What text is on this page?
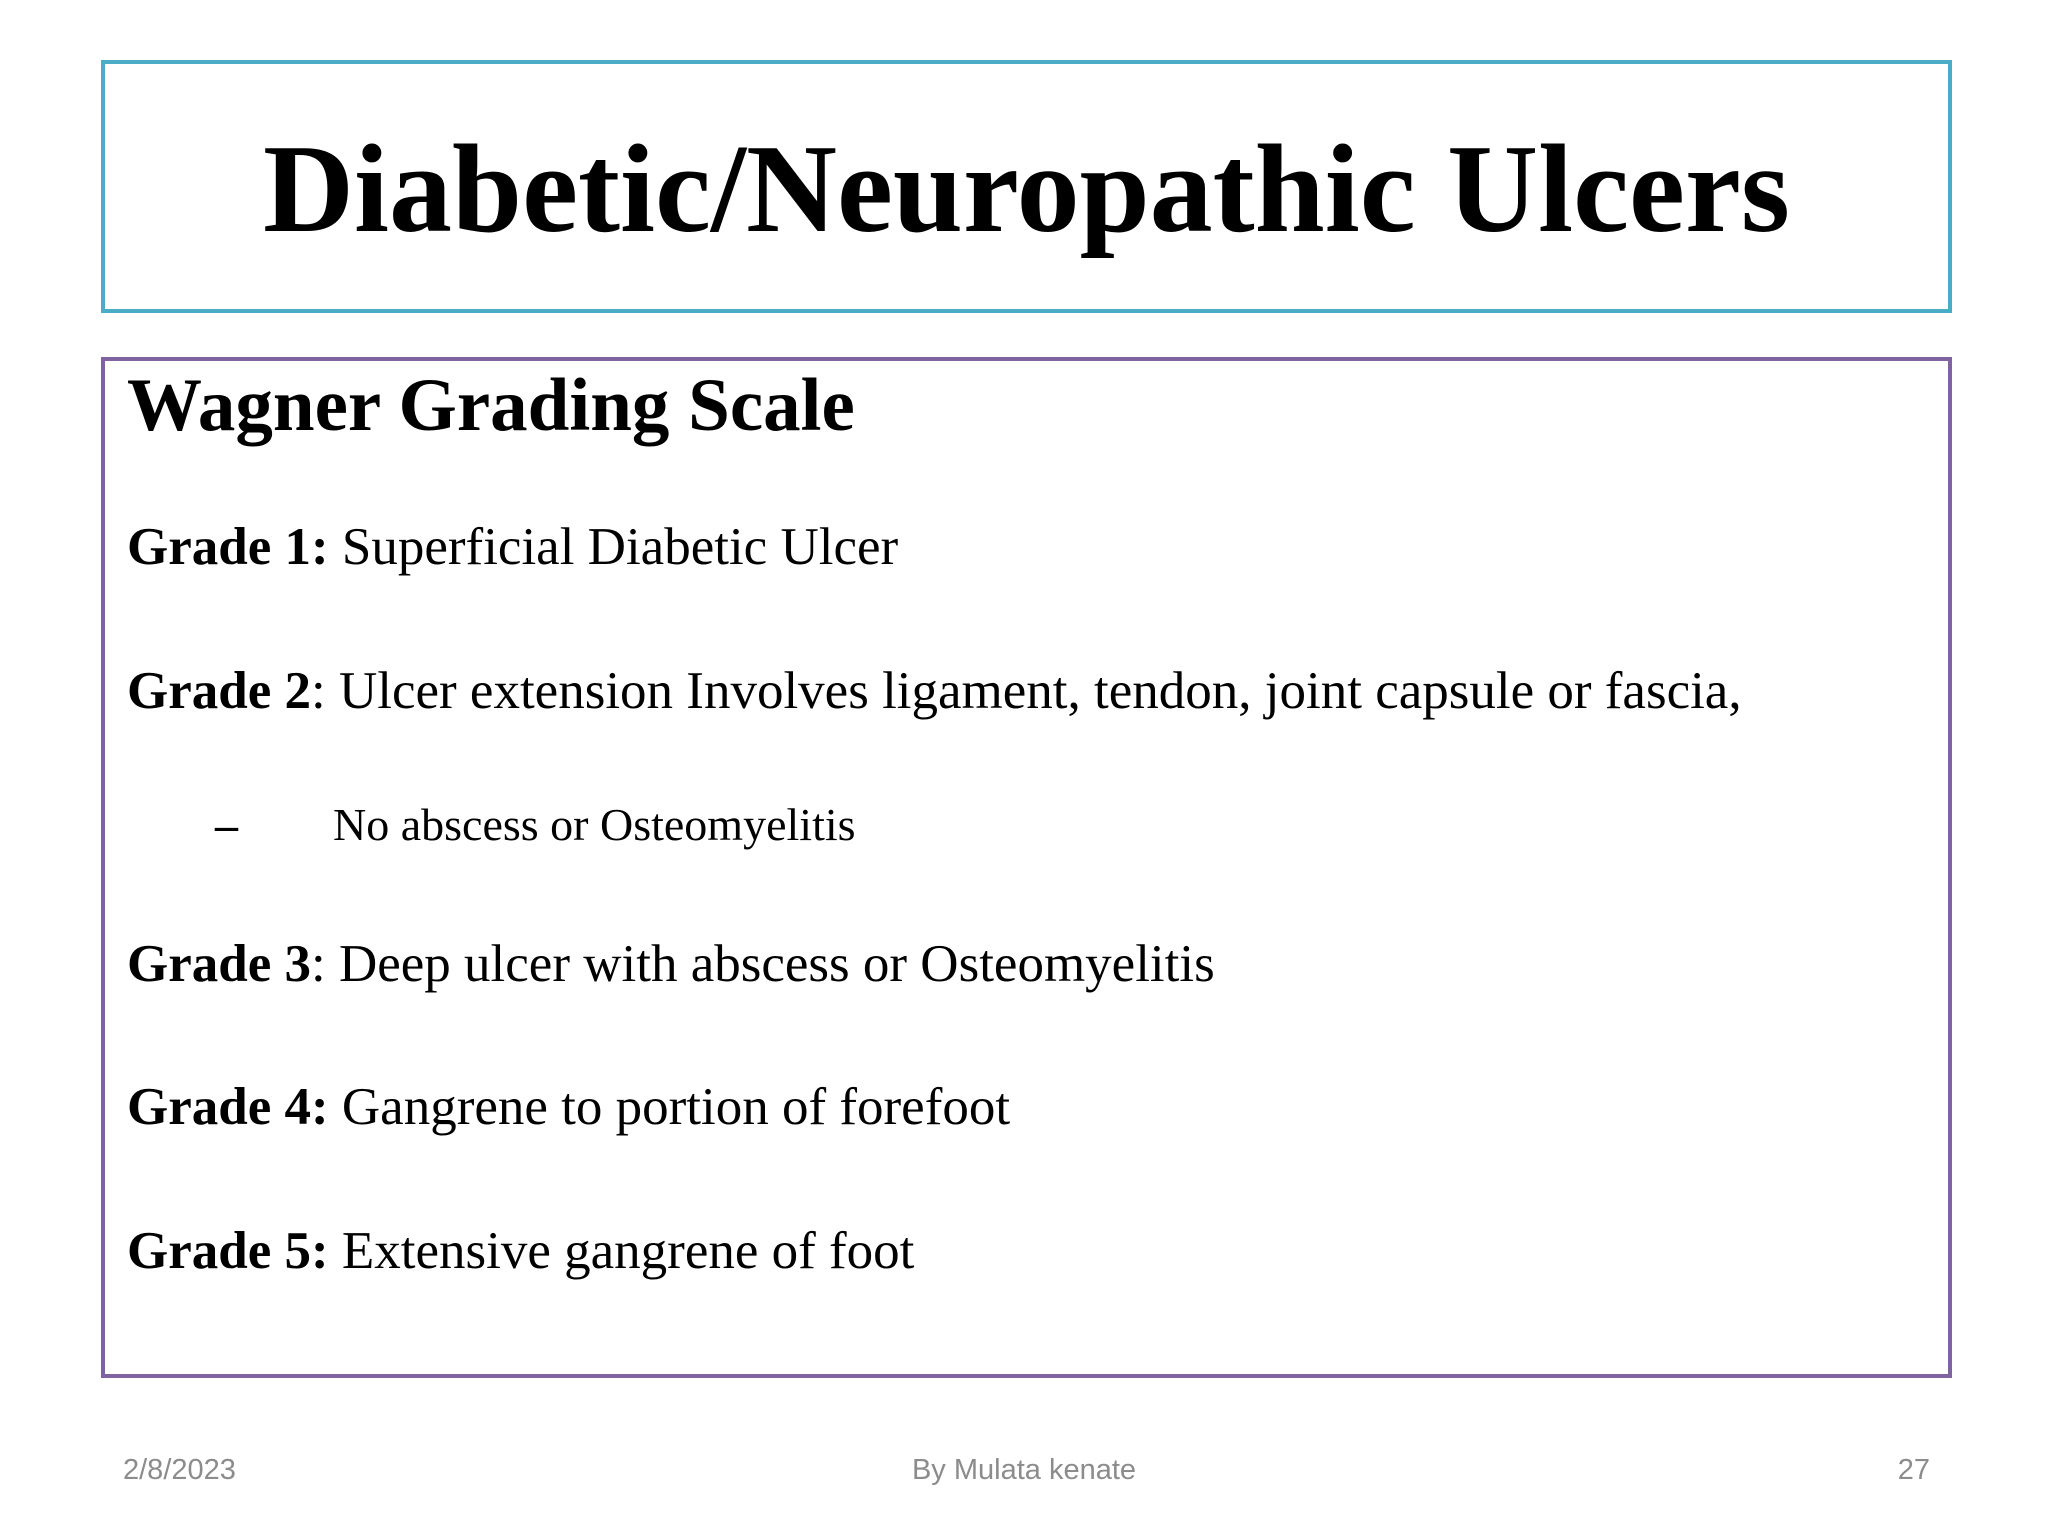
Diabetic/Neuropathic Ulcers
Wagner Grading Scale
Grade 1: Superficial Diabetic Ulcer
Grade 2: Ulcer extension Involves ligament, tendon, joint capsule or fascia,
– No abscess or Osteomyelitis
Grade 3: Deep ulcer with abscess or Osteomyelitis
Grade 4: Gangrene to portion of forefoot
Grade 5: Extensive gangrene of foot
2/8/2023	By Mulata kenate	27
